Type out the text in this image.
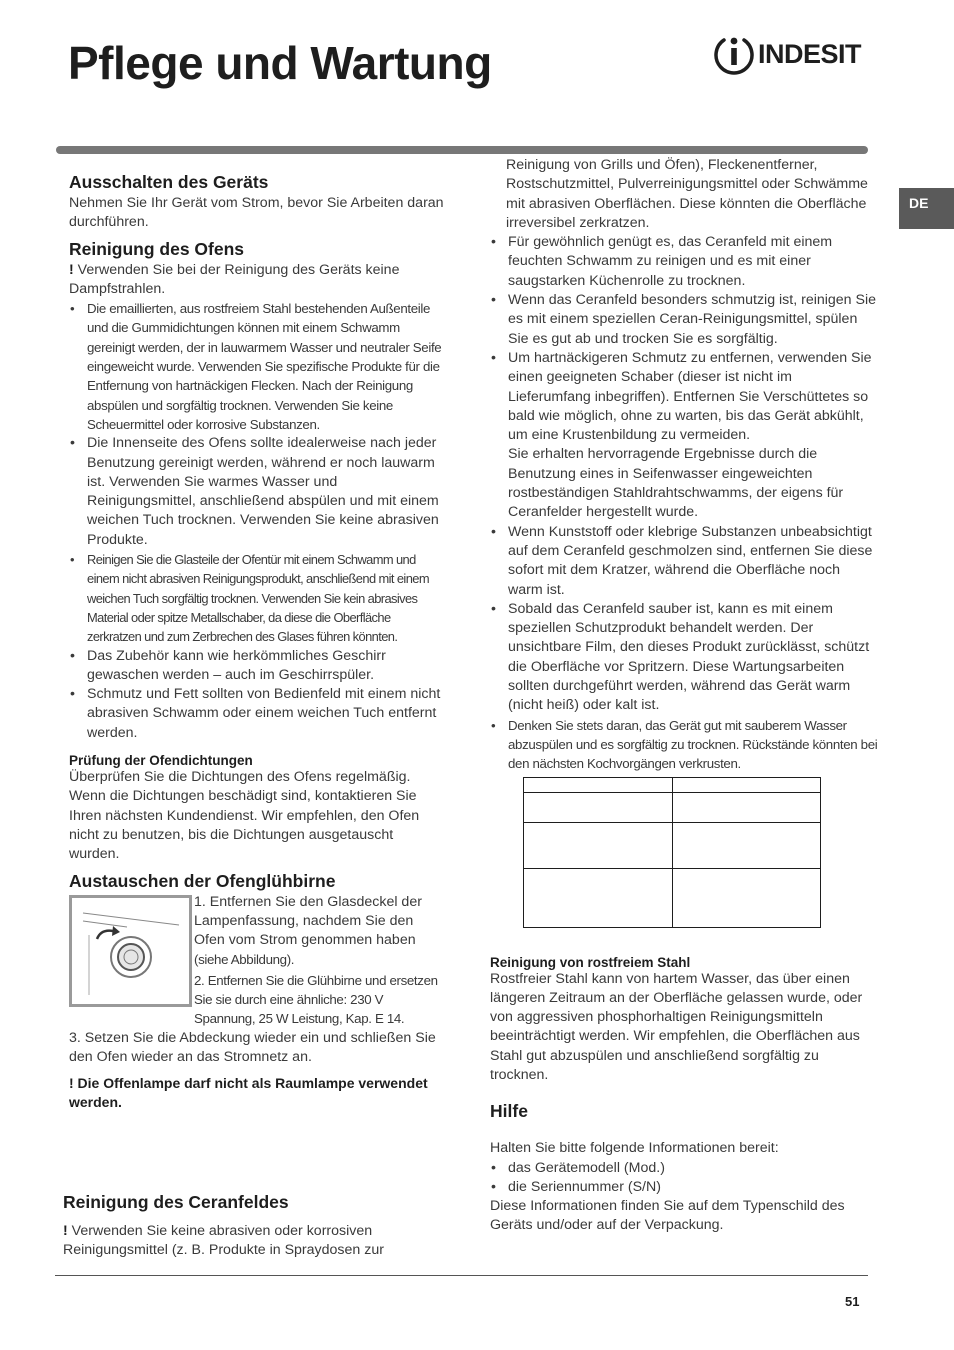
Pflege und Wartung	INDESIT
DE
Ausschalten des Geräts

Nehmen Sie Ihr Gerät vom Strom, bevor Sie Arbeiten daran durchführen.

Reinigung des Ofens

! Verwenden Sie bei der Reinigung des Geräts keine Dampfstrahlen.

• Die emaillierten, aus rostfreiem Stahl bestehenden Außenteile und die Gummidichtungen können mit einem Schwamm gereinigt werden, der in lauwarmem Wasser und neutraler Seife eingeweicht wurde. Verwenden Sie spezifische Produkte für die Entfernung von hartnäckigen Flecken. Nach der Reinigung abspülen und sorgfältig trocknen. Verwenden Sie keine Scheuermittel oder korrosive Substanzen.
• Die Innenseite des Ofens sollte idealerweise nach jeder Benutzung gereinigt werden, während er noch lauwarm ist. Verwenden Sie warmes Wasser und Reinigungsmittel, anschließend abspülen und mit einem weichen Tuch trocknen. Verwenden Sie keine abrasiven Produkte.
• Reinigen Sie die Glasteile der Ofentür mit einem Schwamm und einem nicht abrasiven Reinigungsprodukt, anschließend mit einem weichen Tuch sorgfältig trocknen. Verwenden Sie kein abrasives Material oder spitze Metallschaber, da diese die Oberfläche zerkratzen und zum Zerbrechen des Glases führen könnten.
• Das Zubehör kann wie herkömmliches Geschirr gewaschen werden – auch im Geschirrspüler.
• Schmutz und Fett sollten von Bedienfeld mit einem nicht abrasiven Schwamm oder einem weichen Tuch entfernt werden.
Prüfung der Ofendichtungen

Überprüfen Sie die Dichtungen des Ofens regelmäßig. Wenn die Dichtungen beschädigt sind, kontaktieren Sie Ihren nächsten Kundendienst. Wir empfehlen, den Ofen nicht zu benutzen, bis die Dichtungen ausgetauscht wurden.

Austauschen der Ofenglühbirne

1. Entfernen Sie den Glasdeckel der Lampenfassung, nachdem Sie den Ofen vom Strom genommen haben (siehe Abbildung).

2. Entfernen Sie die Glühbirne und ersetzen Sie sie durch eine ähnliche: 230 V Spannung, 25 W Leistung, Kap. E 14.

3. Setzen Sie die Abdeckung wieder ein und schließen Sie den Ofen wieder an das Stromnetz an.

! Die Offenlampe darf nicht als Raumlampe verwendet werden.

Reinigung des Ceranfeldes

! Verwenden Sie keine abrasiven oder korrosiven Reinigungsmittel (z. B. Produkte in Spraydosen zur

Reinigung von Grills und Öfen), Fleckenentferner, Rostschutzmittel, Pulverreinigungsmittel oder Schwämme mit abrasiven Oberflächen. Diese könnten die Oberfläche irreversibel zerkratzen.

• Für gewöhnlich genügt es, das Ceranfeld mit einem feuchten Schwamm zu reinigen und es mit einer saugstarken Küchenrolle zu trocknen.
• Wenn das Ceranfeld besonders schmutzig ist, reinigen Sie es mit einem speziellen Ceran-Reinigungsmittel, spülen Sie es gut ab und trocken Sie es sorgfältig.
• Um hartnäckigeren Schmutz zu entfernen, verwenden Sie einen geeigneten Schaber (dieser ist nicht im Lieferumfang inbegriffen). Entfernen Sie Verschüttetes so bald wie möglich, ohne zu warten, bis das Gerät abkühlt, um eine Krustenbildung zu vermeiden.
Sie erhalten hervorragende Ergebnisse durch die Benutzung eines in Seifenwasser eingeweichten rostbeständigen Stahldrahtschwamms, der eigens für Ceranfelder hergestellt wurde.
• Wenn Kunststoff oder klebrige Substanzen unbeabsichtigt auf dem Ceranfeld geschmolzen sind, entfernen Sie diese sofort mit dem Kratzer, während die Oberfläche noch warm ist.
• Sobald das Ceranfeld sauber ist, kann es mit einem speziellen Schutzprodukt behandelt werden. Der unsichtbare Film, den dieses Produkt zurücklässt, schützt die Oberfläche vor Spritzern. Diese Wartungsarbeiten sollten durchgeführt werden, während das Gerät warm (nicht heiß) oder kalt ist.
• Denken Sie stets daran, das Gerät gut mit sauberem Wasser abzuspülen und es sorgfältig zu trocknen. Rückstände könnten bei den nächsten Kochvorgängen verkrusten.
Reinigung von rostfreiem Stahl

Rostfreier Stahl kann von hartem Wasser, das über einen längeren Zeitraum an der Oberfläche gelassen wurde, oder von aggressiven phosphorhaltigen Reinigungsmitteln beeinträchtigt werden. Wir empfehlen, die Oberflächen aus Stahl gut abzuspülen und anschließend sorgfältig zu trocknen.

Hilfe

Halten Sie bitte folgende Informationen bereit:

• das Gerätemodell (Mod.)
• die Seriennummer (S/N)

Diese Informationen finden Sie auf dem Typenschild des Geräts und/oder auf der Verpackung.

51
